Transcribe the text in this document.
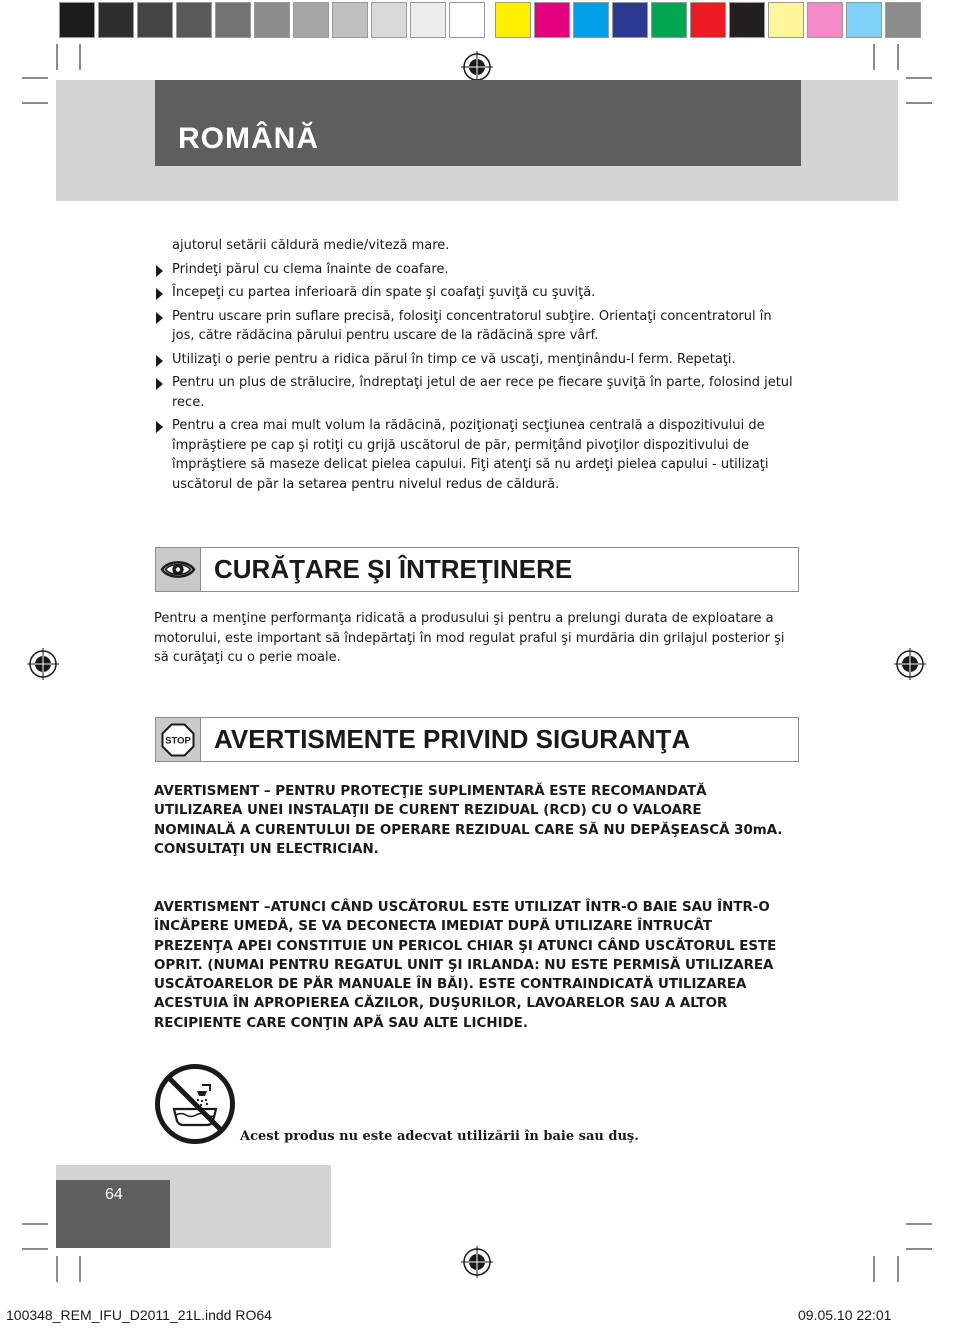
ROMÂNĂ
ajutorul setării căldură medie/viteză mare.
Prindeţi părul cu clema înainte de coafare.
Începeţi cu partea inferioară din spate şi coafaţi şuviţă cu şuviţă.
Pentru uscare prin suflare precisă, folosiţi concentratorul subţire. Orientaţi concentratorul în jos, către rădăcina părului pentru uscare de la rădăcină spre vârf.
Utilizaţi o perie pentru a ridica părul în timp ce vă uscaţi, menţinându-l ferm. Repetaţi.
Pentru un plus de strălucire, îndreptaţi jetul de aer rece pe fiecare şuviţă în parte, folosind jetul rece.
Pentru a crea mai mult volum la rădăcină, poziţionaţi secţiunea centrală a dispozitivului de împrăştiere pe cap şi rotiţi cu grijă uscătorul de păr, permiţând pivoţilor dispozitivului de împrăştiere să maseze delicat pielea capului. Fiţi atenţi să nu ardeţi pielea capului - utilizaţi uscătorul de păr la setarea pentru nivelul redus de căldură.
CURĂŢARE ŞI ÎNTREŢINERE

Pentru a menţine performanţa ridicată a produsului şi pentru a prelungi durata de exploatare a motorului, este important să îndepărtaţi în mod regulat praful şi murdăria din grilajul posterior şi să curăţaţi cu o perie moale.

STOP AVERTISMENTE PRIVIND SIGURANŢA

AVERTISMENT – PENTRU PROTECŢIE SUPLIMENTARĂ ESTE RECOMANDATĂ UTILIZAREA UNEI INSTALAŢII DE CURENT REZIDUAL (RCD) CU O VALOARE NOMINALĂ A CURENTULUI DE OPERARE REZIDUAL CARE SĂ NU DEPĂŞEASCĂ 30mA. CONSULTAŢI UN ELECTRICIAN.

AVERTISMENT –ATUNCI CÂND USCĂTORUL ESTE UTILIZAT ÎNTR-O BAIE SAU ÎNTR-O ÎNCĂPERE UMEDĂ, SE VA DECONECTA IMEDIAT DUPĂ UTILIZARE ÎNTRUCÂT PREZENŢA APEI CONSTITUIE UN PERICOL CHIAR ŞI ATUNCI CÂND USCĂTORUL ESTE OPRIT. (NUMAI PENTRU REGATUL UNIT ŞI IRLANDA: NU ESTE PERMISĂ UTILIZAREA USCĂTOARELOR DE PĂR MANUALE ÎN BĂI). ESTE CONTRAINDICATĂ UTILIZAREA ACESTUIA ÎN APROPIEREA CĂZILOR, DUŞURILOR, LAVOARELOR SAU A ALTOR RECIPIENTE CARE CONŢIN APĂ SAU ALTE LICHIDE.

Acest produs nu este adecvat utilizării în baie sau duş.

64

100348_REM_IFU_D2011_21L.indd RO64	09.05.10 22:01
